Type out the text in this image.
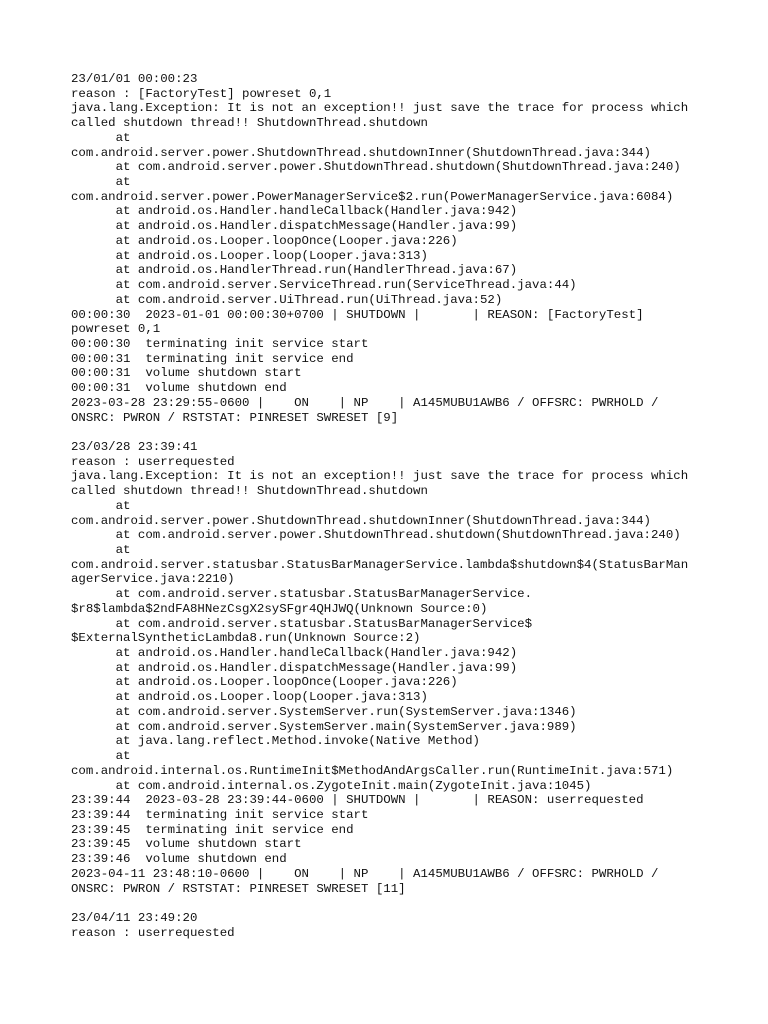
23/01/01 00:00:23
reason : [FactoryTest] powreset 0,1
java.lang.Exception: It is not an exception!! just save the trace for process which
called shutdown thread!! ShutdownThread.shutdown
at
com.android.server.power.ShutdownThread.shutdownInner(ShutdownThread.java:344)
at com.android.server.power.ShutdownThread.shutdown(ShutdownThread.java:240)
at
com.android.server.power.PowerManagerService$2.run(PowerManagerService.java:6084)
at android.os.Handler.handleCallback(Handler.java:942)
at android.os.Handler.dispatchMessage(Handler.java:99)
at android.os.Looper.loopOnce(Looper.java:226)
at android.os.Looper.loop(Looper.java:313)
at android.os.HandlerThread.run(HandlerThread.java:67)
at com.android.server.ServiceThread.run(ServiceThread.java:44)
at com.android.server.UiThread.run(UiThread.java:52)
00:00:30  2023-01-01 00:00:30+0700 | SHUTDOWN |       | REASON: [FactoryTest]
powreset 0,1
00:00:30  terminating init service start
00:00:31  terminating init service end
00:00:31  volume shutdown start
00:00:31  volume shutdown end
2023-03-28 23:29:55-0600 |    ON    | NP    | A145MUBU1AWB6 / OFFSRC: PWRHOLD /
ONSRC: PWRON / RSTSTAT: PINRESET SWRESET [9]
23/03/28 23:39:41
reason : userrequested
java.lang.Exception: It is not an exception!! just save the trace for process which
called shutdown thread!! ShutdownThread.shutdown
at
com.android.server.power.ShutdownThread.shutdownInner(ShutdownThread.java:344)
at com.android.server.power.ShutdownThread.shutdown(ShutdownThread.java:240)
at
com.android.server.statusbar.StatusBarManagerService.lambda$shutdown$4(StatusBarMan
agerService.java:2210)
at com.android.server.statusbar.StatusBarManagerService.
$r8$lambda$2ndFA8HNezCsgX2sySFgr4QHJWQ(Unknown Source:0)
at com.android.server.statusbar.StatusBarManagerService$
$ExternalSyntheticLambda8.run(Unknown Source:2)
at android.os.Handler.handleCallback(Handler.java:942)
at android.os.Handler.dispatchMessage(Handler.java:99)
at android.os.Looper.loopOnce(Looper.java:226)
at android.os.Looper.loop(Looper.java:313)
at com.android.server.SystemServer.run(SystemServer.java:1346)
at com.android.server.SystemServer.main(SystemServer.java:989)
at java.lang.reflect.Method.invoke(Native Method)
at
com.android.internal.os.RuntimeInit$MethodAndArgsCaller.run(RuntimeInit.java:571)
at com.android.internal.os.ZygoteInit.main(ZygoteInit.java:1045)
23:39:44  2023-03-28 23:39:44-0600 | SHUTDOWN |       | REASON: userrequested
23:39:44  terminating init service start
23:39:45  terminating init service end
23:39:45  volume shutdown start
23:39:46  volume shutdown end
2023-04-11 23:48:10-0600 |    ON    | NP    | A145MUBU1AWB6 / OFFSRC: PWRHOLD /
ONSRC: PWRON / RSTSTAT: PINRESET SWRESET [11]
23/04/11 23:49:20
reason : userrequested
